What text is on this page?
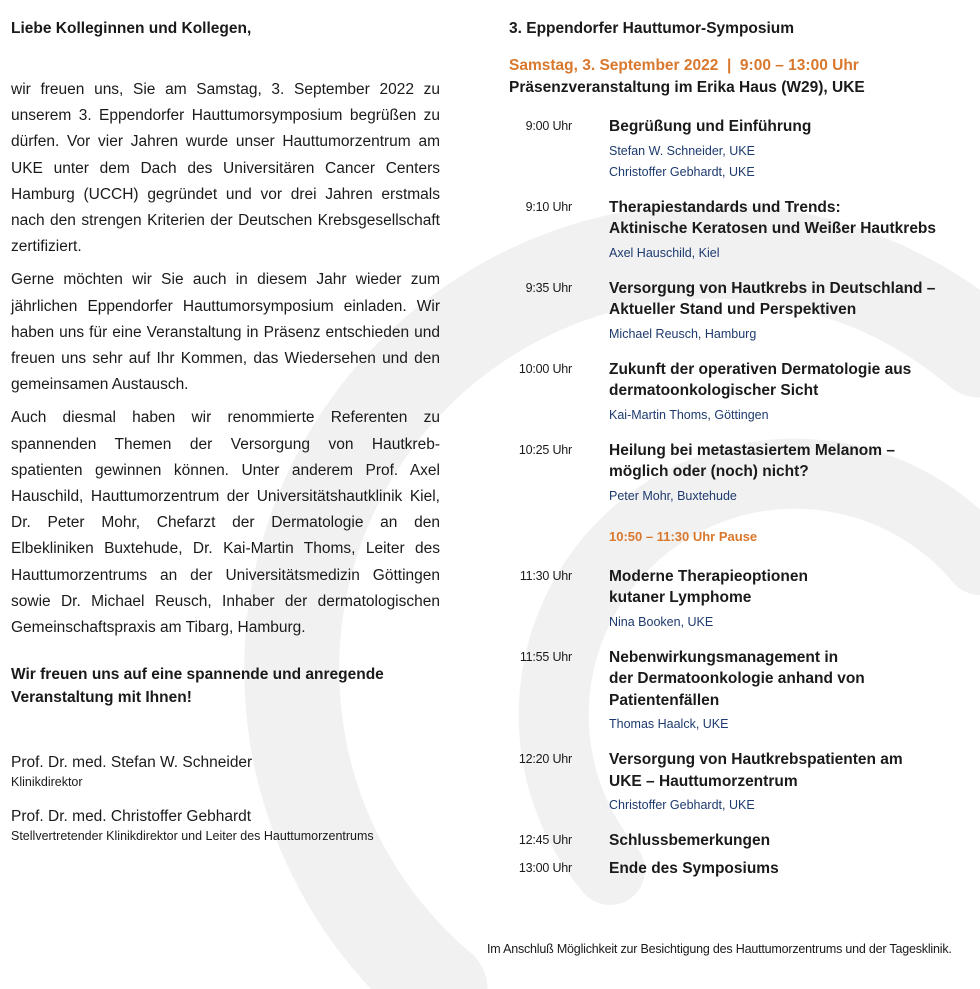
Liebe Kolleginnen und Kollegen,

wir freuen uns, Sie am Samstag, 3. September 2022 zu unserem 3. Eppendorfer Hauttumorsymposium begrüßen zu dürfen. Vor vier Jahren wurde unser Hauttumorzentrum am UKE unter dem Dach des Universitären Cancer Centers Hamburg (UCCH) gegründet und vor drei Jahren erstmals nach den strengen Kriterien der Deutschen Krebsgesellschaft zertifiziert.

Gerne möchten wir Sie auch in diesem Jahr wieder zum jährlichen Eppendorfer Hauttumorsymposium einladen. Wir haben uns für eine Veranstaltung in Präsenz entschieden und freuen uns sehr auf Ihr Kommen, das Wiedersehen und den gemeinsamen Austausch.

Auch diesmal haben wir renommierte Referenten zu spannenden Themen der Versorgung von Hautkreb-spatienten gewinnen können. Unter anderem Prof. Axel Hauschild, Hauttumorzentrum der Universitätshautklinik Kiel, Dr. Peter Mohr, Chefarzt der Dermatologie an den Elbekliniken Buxtehude, Dr. Kai-Martin Thoms, Leiter des Hauttumorzentrums an der Universitätsmedizin Göttingen sowie Dr. Michael Reusch, Inhaber der dermatologischen Gemeinschaftspraxis am Tibarg, Hamburg.

Wir freuen uns auf eine spannende und anregende Veranstaltung mit Ihnen!
Prof. Dr. med. Stefan W. Schneider
Klinikdirektor
Prof. Dr. med. Christoffer Gebhardt
Stellvertretender Klinikdirektor und Leiter des Hauttumorzentrums
3. Eppendorfer Hauttumor-Symposium
Samstag, 3. September 2022  |  9:00 – 13:00 Uhr
Präsenzveranstaltung im Erika Haus (W29), UKE
9:00 Uhr Begrüßung und Einführung
Stefan W. Schneider, UKE
Christoffer Gebhardt, UKE
9:10 Uhr Therapiestandards und Trends:
Aktinische Keratosen und Weißer Hautkrebs
Axel Hauschild, Kiel
9:35 Uhr Versorgung von Hautkrebs in Deutschland –
Aktueller Stand und Perspektiven
Michael Reusch, Hamburg
10:00 Uhr Zukunft der operativen Dermatologie aus
dermatoonkologischer Sicht
Kai-Martin Thoms, Göttingen
10:25 Uhr Heilung bei metastasiertem Melanom –
möglich oder (noch) nicht?
Peter Mohr, Buxtehude
10:50 – 11:30 Uhr Pause
11:30 Uhr Moderne Therapieoptionen
kutaner Lymphome
Nina Booken, UKE
11:55 Uhr Nebenwirkungsmanagement in
der Dermatoonkologie anhand von
Patientenfällen
Thomas Haalck, UKE
12:20 Uhr Versorgung von Hautkrebspatienten am
UKE – Hauttumorzentrum
Christoffer Gebhardt, UKE
12:45 Uhr Schlussbemerkungen
13:00 Uhr Ende des Symposiums
Im Anschluß Möglichkeit zur Besichtigung des Hauttumorzentrums und der Tagesklinik.
